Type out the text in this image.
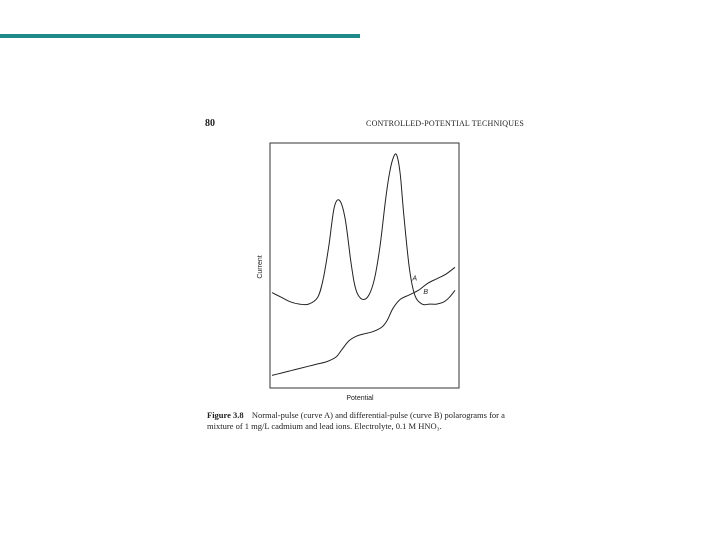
80	CONTROLLED-POTENTIAL TECHNIQUES
B
A
Current
Potential
Figure 3.8 Normal-pulse (curve A) and differential-pulse (curve B) polarograms for a mixture of 1 mg/L cadmium and lead ions. Electrolyte, 0.1 M HNO₃.
